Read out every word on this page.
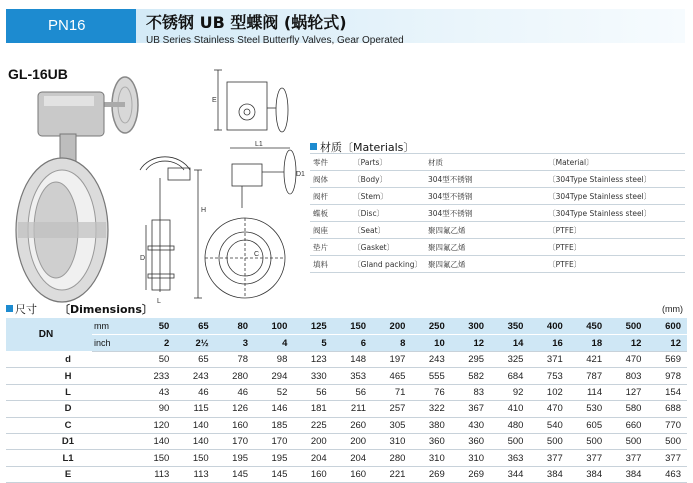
PN16	不锈钢 UB 型蝶阀 (蜗轮式)
UB Series Stainless Steel Butterfly Valves, Gear Operated
GL-16UB
H
D
L
E
L1
D1
C
材质〔Materials〕
零件	〔Parts〕	材质	〔Material〕
阀体	〔Body〕	304型不锈钢	〔304Type Stainless steel〕
阀杆	〔Stem〕	304型不锈钢	〔304Type Stainless steel〕
蝶板	〔Disc〕	304型不锈钢	〔304Type Stainless steel〕
阀座	〔Seat〕	聚四氟乙烯	〔PTFE〕
垫片	〔Gasket〕	聚四氟乙烯	〔PTFE〕
填料	〔Gland packing〕	聚四氟乙烯	〔PTFE〕
尺寸 〔Dimensions〕	(mm)
DN	mm	50	65	80	100	125	150	200	250	300	350	400	450	500	600
	inch	2	2½	3	4	5	6	8	10	12	14	16	18	12	12
d		50	65	78	98	123	148	197	243	295	325	371	421	470	569
H		233	243	280	294	330	353	465	555	582	684	753	787	803	978
L		43	46	46	52	56	56	71	76	83	92	102	114	127	154
D		90	115	126	146	181	211	257	322	367	410	470	530	580	688
C		120	140	160	185	225	260	305	380	430	480	540	605	660	770
D1		140	140	170	170	200	200	310	360	360	500	500	500	500	500
L1		150	150	195	195	204	204	280	310	310	363	377	377	377	377
E		113	113	145	145	160	160	221	269	269	344	384	384	384	463
